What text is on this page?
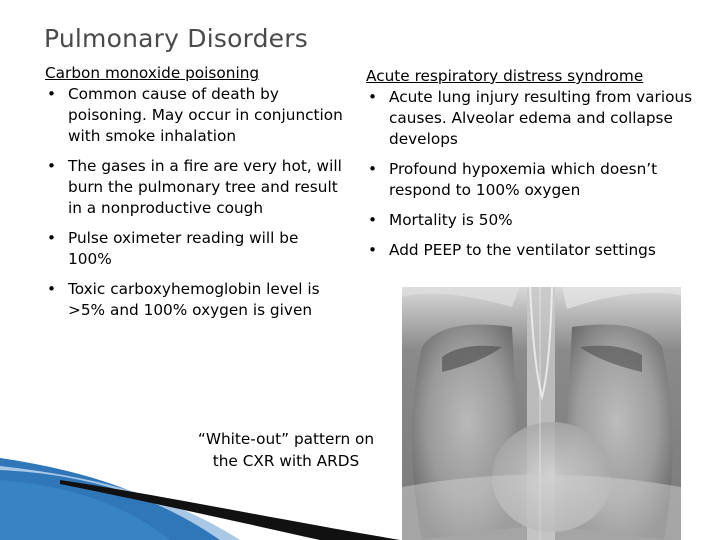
Pulmonary Disorders
Carbon monoxide poisoning
• Common cause of death by poisoning. May occur in conjunction with smoke inhalation
• The gases in a fire are very hot, will burn the pulmonary tree and result in a nonproductive cough
• Pulse oximeter reading will be 100%
• Toxic carboxyhemoglobin level is >5% and 100% oxygen is given
Acute respiratory distress syndrome
• Acute lung injury resulting from various causes. Alveolar edema and collapse develops
• Profound hypoxemia which doesn’t respond to 100% oxygen
• Mortality is 50%
• Add PEEP to the ventilator settings
“White-out” pattern on
the CXR with ARDS
